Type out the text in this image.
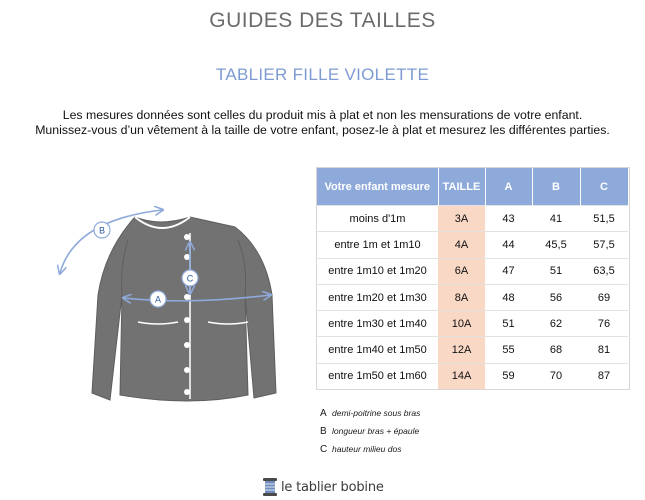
GUIDES DES TAILLES
TABLIER FILLE VIOLETTE
Les mesures données sont celles du produit mis à plat et non les mensurations de votre enfant.
Munissez-vous d’un vêtement à la taille de votre enfant, posez-le à plat et mesurez les différentes parties.
A
B
C
Votre enfant mesure	TAILLE	A	B	C
moins d'1m	3A	43	41	51,5
entre 1m et 1m10	4A	44	45,5	57,5
entre 1m10 et 1m20	6A	47	51	63,5
entre 1m20 et 1m30	8A	48	56	69
entre 1m30 et 1m40	10A	51	62	76
entre 1m40 et 1m50	12A	55	68	81
entre 1m50 et 1m60	14A	59	70	87
A demi-poitrine sous bras
B longueur bras + épaule
C hauteur milieu dos
le tablier bobine
